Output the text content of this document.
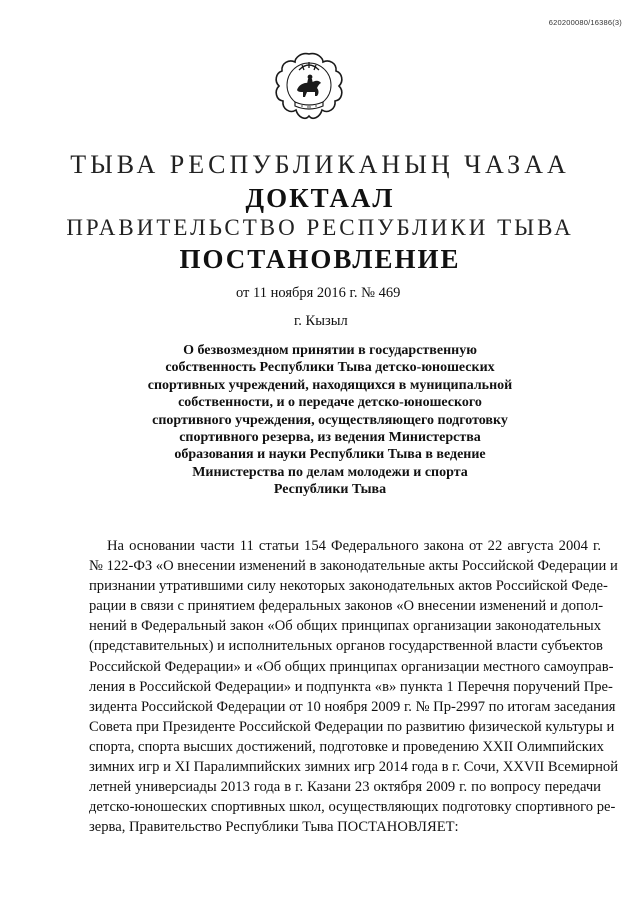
620200080/16386(3)
ТЫВА РЕСПУБЛИКАНЫҢ ЧАЗАА
ДОКТААЛ
ПРАВИТЕЛЬСТВО РЕСПУБЛИКИ ТЫВА
ПОСТАНОВЛЕНИЕ
от 11 ноября 2016 г. № 469
г. Кызыл
О безвозмездном принятии в государственную
собственность Республики Тыва детско-юношеских
спортивных учреждений, находящихся в муниципальной
собственности, и о передаче детско-юношеского
спортивного учреждения, осуществляющего подготовку
спортивного резерва, из ведения Министерства
образования и науки Республики Тыва в ведение
Министерства по делам молодежи и спорта
Республики Тыва
На основании части 11 статьи 154 Федерального закона от 22 августа 2004 г.
№ 122-ФЗ «О внесении изменений в законодательные акты Российской Федерации и
признании утратившими силу некоторых законодательных актов Российской Феде-
рации в связи с принятием федеральных законов «О внесении изменений и допол-
нений в Федеральный закон «Об общих принципах организации законодательных
(представительных) и исполнительных органов государственной власти субъектов
Российской Федерации» и «Об общих принципах организации местного самоуправ-
ления в Российской Федерации» и подпункта «в» пункта 1 Перечня поручений Пре-
зидента Российской Федерации от 10 ноября 2009 г. № Пр-2997 по итогам заседания
Совета при Президенте Российской Федерации по развитию физической культуры и
спорта, спорта высших достижений, подготовке и проведению XXII Олимпийских
зимних игр и XI Паралимпийских зимних игр 2014 года в г. Сочи, XXVII Всемирной
летней универсиады 2013 года в г. Казани 23 октября 2009 г. по вопросу передачи
детско-юношеских спортивных школ, осуществляющих подготовку спортивного ре-
зерва, Правительство Республики Тыва ПОСТАНОВЛЯЕТ:
